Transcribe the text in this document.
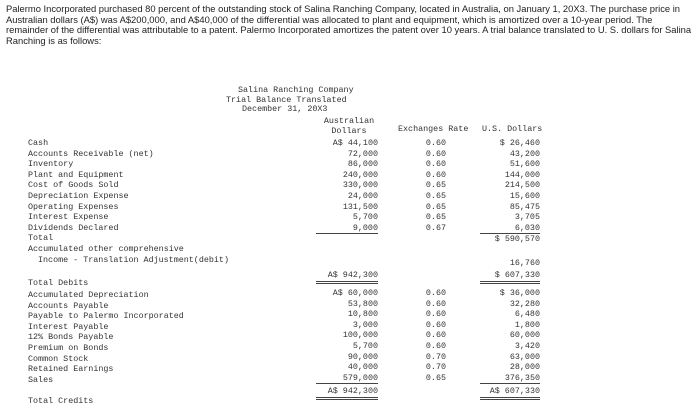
Palermo Incorporated purchased 80 percent of the outstanding stock of Salina Ranching Company, located in Australia, on January 1, 20X3. The purchase price in Australian dollars (A$) was A$200,000, and A$40,000 of the differential was allocated to plant and equipment, which is amortized over a 10-year period. The remainder of the differential was attributable to a patent. Palermo Incorporated amortizes the patent over 10 years. A trial balance translated to U. S. dollars for Salina Ranching is as follows:
Salina Ranching Company
Trial Balance Translated
December 31, 20X3
Australian
Dollars	Exchanges Rate U.S. Dollars
Cash
Accounts Receivable (net)
Inventory
Plant and Equipment
Cost of Goods Sold
Depreciation Expense
Operating Expenses
Interest Expense
Dividends Declared
Total
Accumulated other comprehensive
Income - Translation Adjustment(debit)
A$ 44,100
72,000
86,000
240,000
330,000
24,000
131,500
5,700
9,000
0.60
0.60
0.60
0.60
0.65
0.65
0.65
0.65
0.67
$ 26,460
43,200
51,600
144,000
214,500
15,600
85,475
3,705
6,030
$ 590,570
16,760
$ 607,330
Total Debits
A$ 942,300
Accumulated Depreciation
Accounts Payable
Payable to Palermo Incorporated
Interest Payable
12% Bonds Payable
Premium on Bonds
Common Stock
Retained Earnings
Sales
A$ 60,000
53,800
10,800
3,000
100,000
5,700
90,000
40,000
579,000
0.60
0.60
0.60
0.60
0.60
0.60
0.70
0.70
0.65
$ 36,000
32,280
6,480
1,800
60,000
3,420
63,000
28,000
376,350
Total Credits
A$ 942,300	A$ 607,330
